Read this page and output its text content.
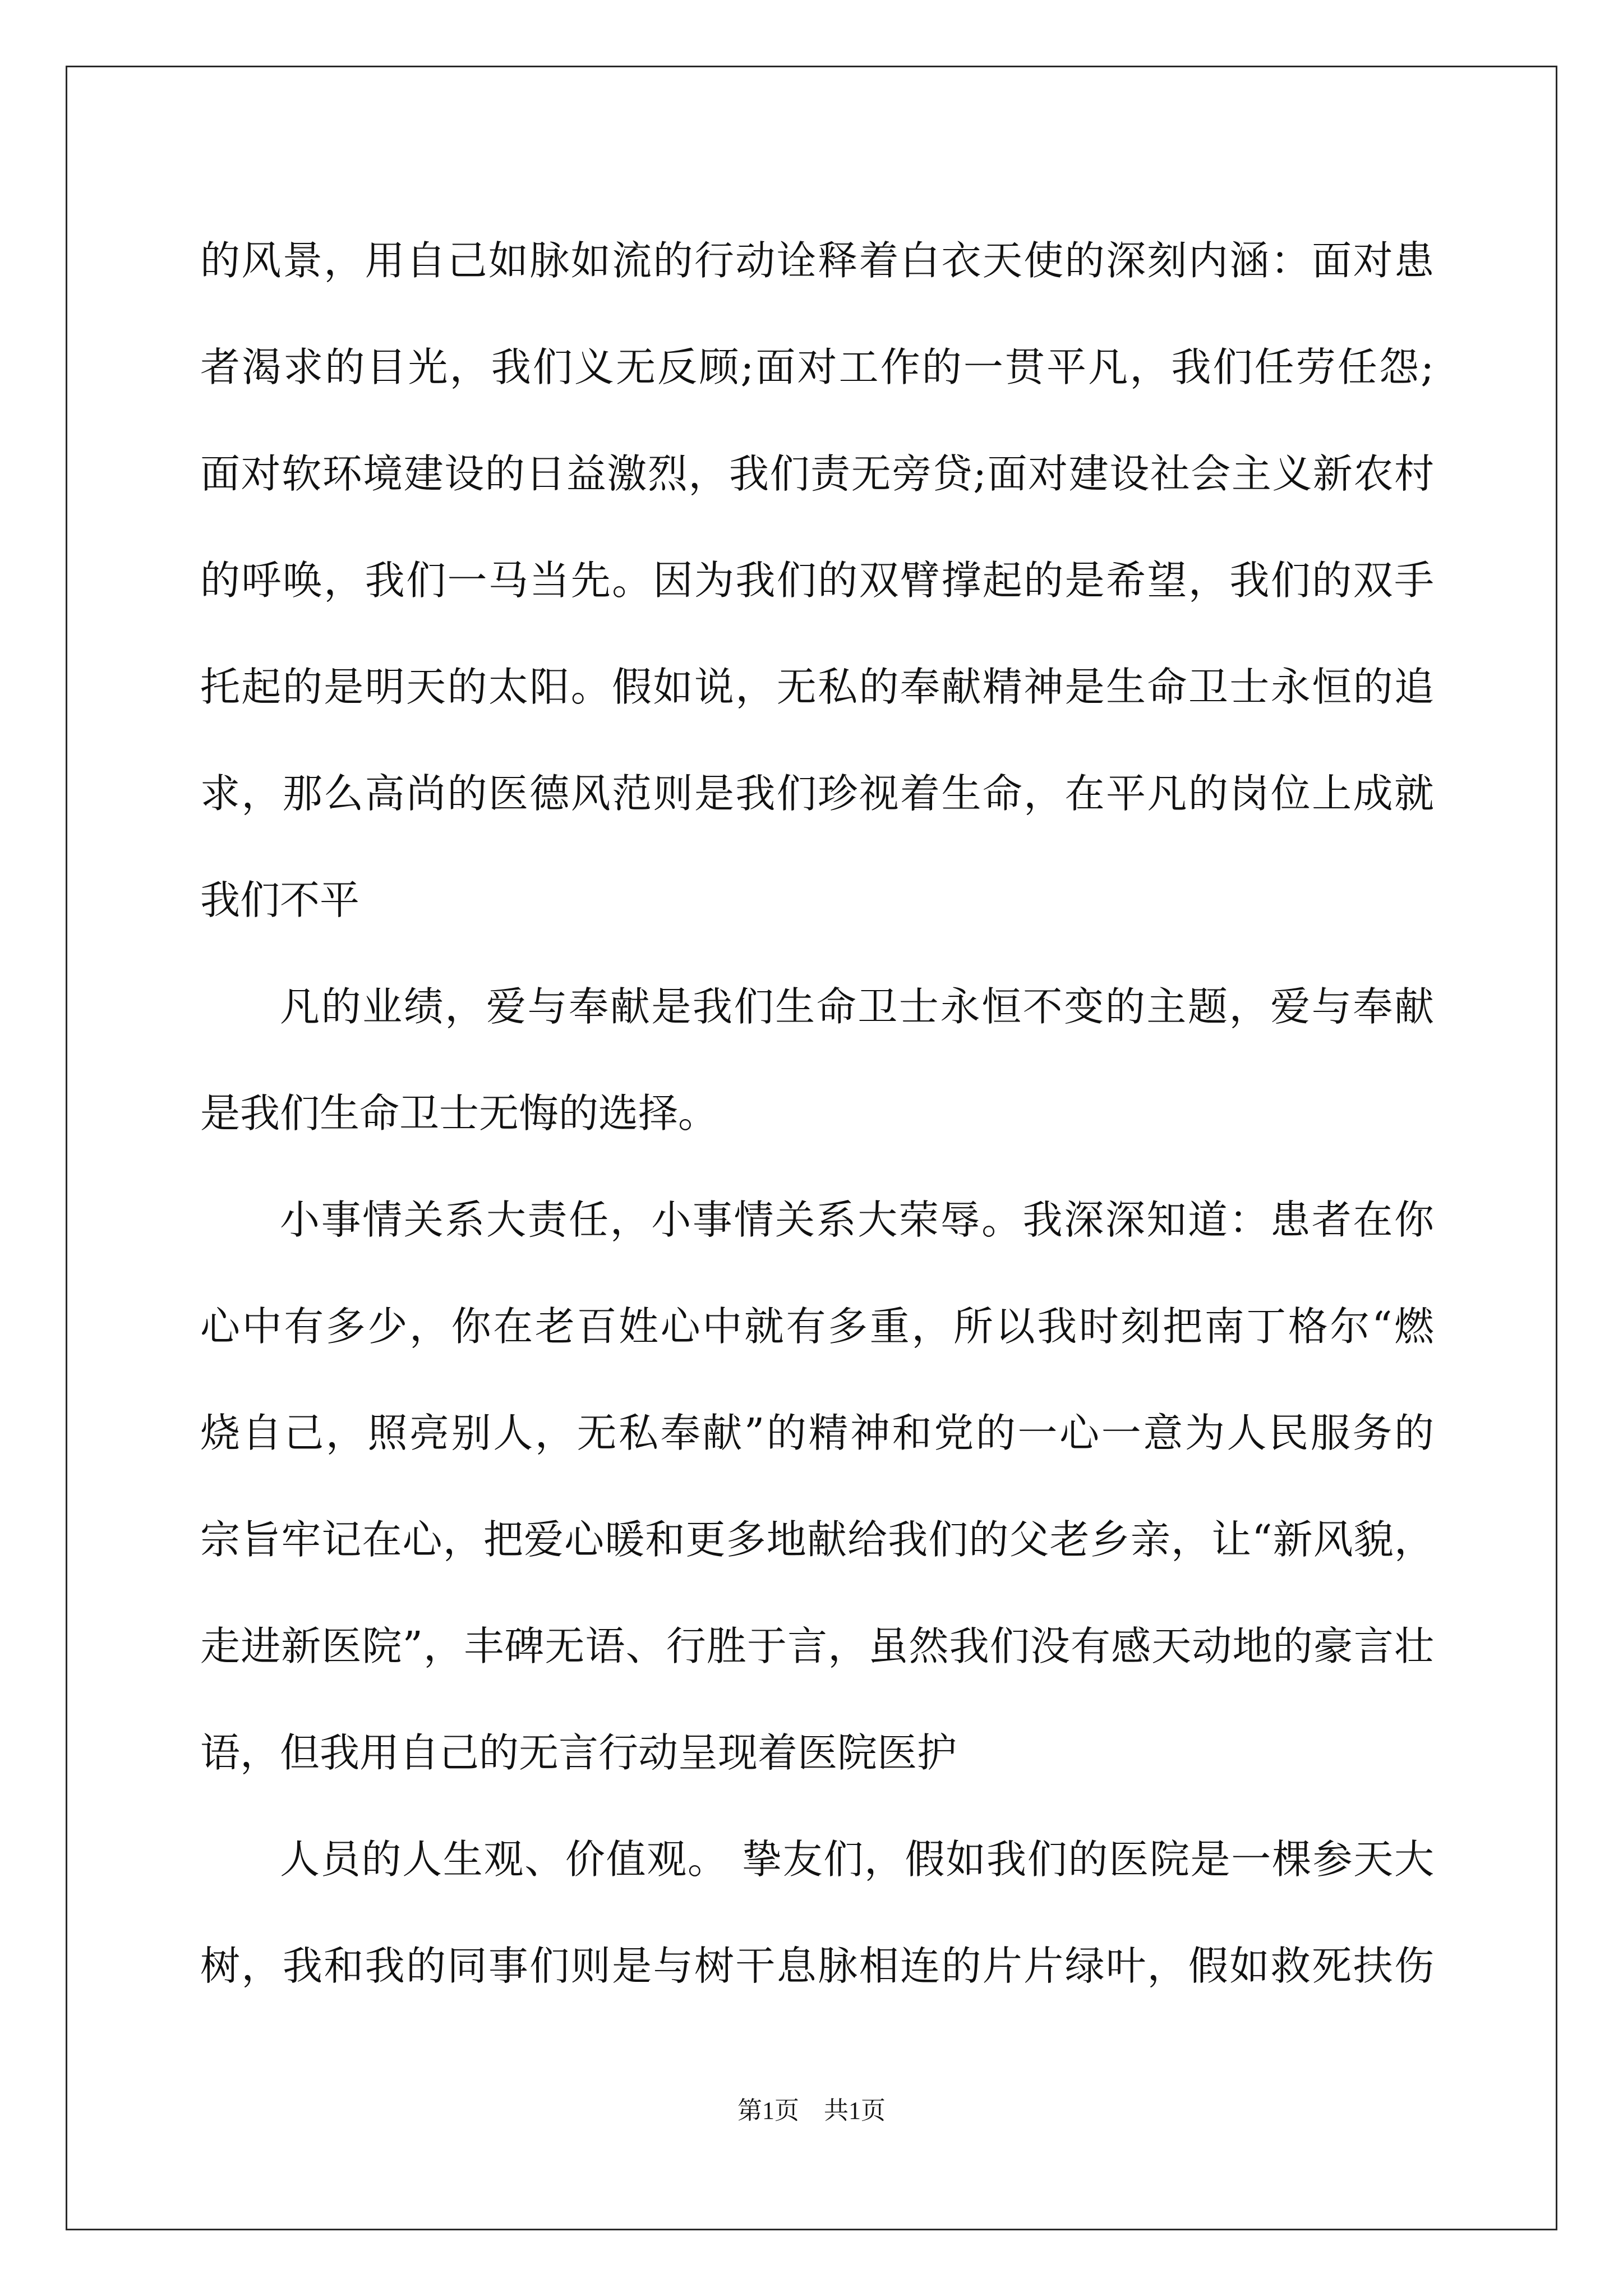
的风景，用自己如脉如流的行动诠释着白衣天使的深刻内涵：面对患
者渴求的目光，我们义无反顾;面对工作的一贯平凡，我们任劳任怨;
面对软环境建设的日益激烈，我们责无旁贷;面对建设社会主义新农村
的呼唤，我们一马当先。因为我们的双臂撑起的是希望，我们的双手
托起的是明天的太阳。假如说，无私的奉献精神是生命卫士永恒的追
求，那么高尚的医德风范则是我们珍视着生命，在平凡的岗位上成就
我们不平
凡的业绩，爱与奉献是我们生命卫士永恒不变的主题，爱与奉献
是我们生命卫士无悔的选择。
小事情关系大责任，小事情关系大荣辱。我深深知道：患者在你
心中有多少，你在老百姓心中就有多重，所以我时刻把南丁格尔“燃
烧自己，照亮别人，无私奉献”的精神和党的一心一意为人民服务的
宗旨牢记在心，把爱心暖和更多地献给我们的父老乡亲，让“新风貌，
走进新医院”，丰碑无语、行胜于言，虽然我们没有感天动地的豪言壮
语，但我用自己的无言行动呈现着医院医护
人员的人生观、价值观。 挚友们，假如我们的医院是一棵参天大
树，我和我的同事们则是与树干息脉相连的片片绿叶，假如救死扶伤
第1页 共1页
